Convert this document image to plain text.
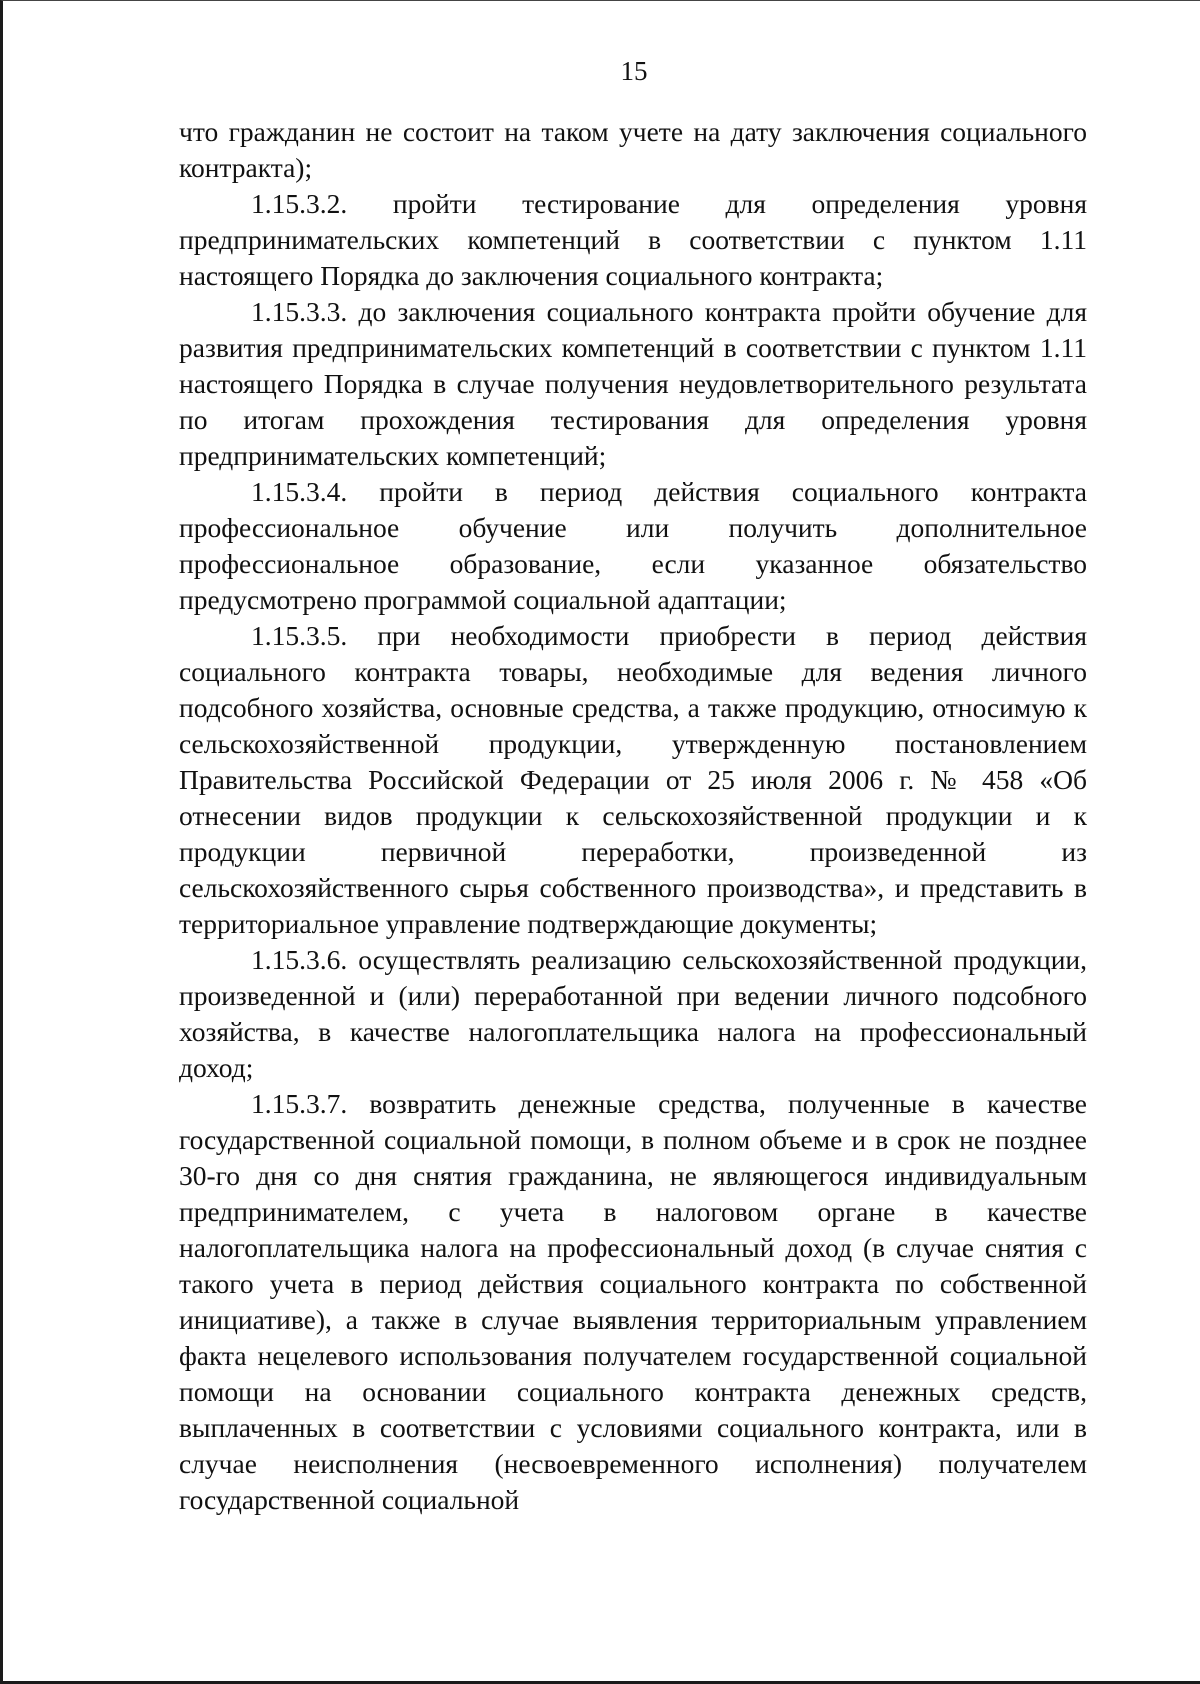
15

что гражданин не состоит на таком учете на дату заключения социального контракта);

1.15.3.2. пройти тестирование для определения уровня предпринимательских компетенций в соответствии с пунктом 1.11 настоящего Порядка до заключения социального контракта;

1.15.3.3. до заключения социального контракта пройти обучение для развития предпринимательских компетенций в соответствии с пунктом 1.11 настоящего Порядка в случае получения неудовлетворительного результата по итогам прохождения тестирования для определения уровня предпринимательских компетенций;

1.15.3.4. пройти в период действия социального контракта профессиональное обучение или получить дополнительное профессиональное образование, если указанное обязательство предусмотрено программой социальной адаптации;

1.15.3.5. при необходимости приобрести в период действия социального контракта товары, необходимые для ведения личного подсобного хозяйства, основные средства, а также продукцию, относимую к сельскохозяйственной продукции, утвержденную постановлением Правительства Российской Федерации от 25 июля 2006 г. № 458 «Об отнесении видов продукции к сельскохозяйственной продукции и к продукции первичной переработки, произведенной из сельскохозяйственного сырья собственного производства», и представить в территориальное управление подтверждающие документы;

1.15.3.6. осуществлять реализацию сельскохозяйственной продукции, произведенной и (или) переработанной при ведении личного подсобного хозяйства, в качестве налогоплательщика налога на профессиональный доход;

1.15.3.7. возвратить денежные средства, полученные в качестве государственной социальной помощи, в полном объеме и в срок не позднее 30-го дня со дня снятия гражданина, не являющегося индивидуальным предпринимателем, с учета в налоговом органе в качестве налогоплательщика налога на профессиональный доход (в случае снятия с такого учета в период действия социального контракта по собственной инициативе), а также в случае выявления территориальным управлением факта нецелевого использования получателем государственной социальной помощи на основании социального контракта денежных средств, выплаченных в соответствии с условиями социального контракта, или в случае неисполнения (несвоевременного исполнения) получателем государственной социальной
